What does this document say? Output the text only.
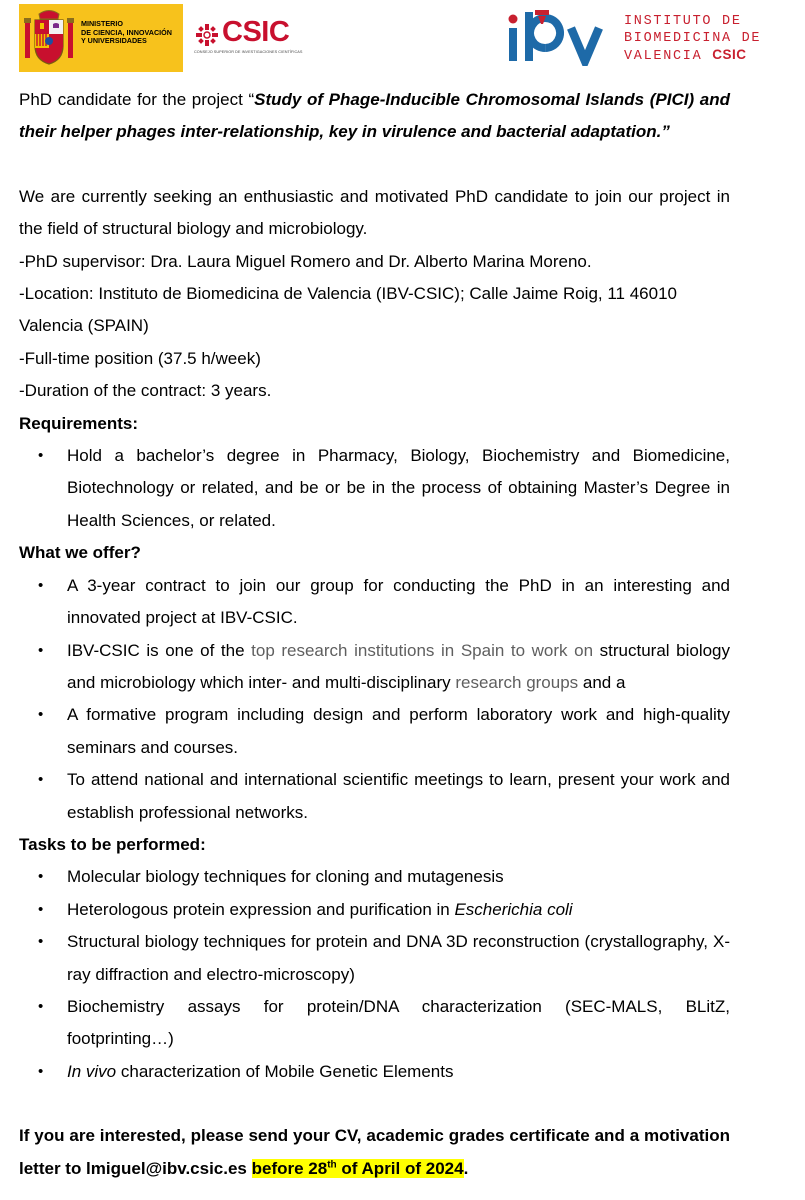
MINISTERIO
DE CIENCIA, INNOVACIÓN
Y UNIVERSIDADES	CSIC
CONSEJO SUPERIOR DE INVESTIGACIONES CIENTÍFICAS
INSTITUTO DE
BIOMEDICINA DE
VALENCIA CSIC

PhD candidate for the project “Study of Phage-Inducible Chromosomal Islands (PICI) and their helper phages inter-relationship, key in virulence and bacterial adaptation.”

We are currently seeking an enthusiastic and motivated PhD candidate to join our project in the field of structural biology and microbiology.

-PhD supervisor: Dra. Laura Miguel Romero and Dr. Alberto Marina Moreno.

-Location: Instituto de Biomedicina de Valencia (IBV-CSIC); Calle Jaime Roig, 11 46010 Valencia (SPAIN)

-Full-time position (37.5 h/week)

-Duration of the contract: 3 years.

Requirements:

• Hold a bachelor’s degree in Pharmacy, Biology, Biochemistry and Biomedicine, Biotechnology or related, and be or be in the process of obtaining Master’s Degree in Health Sciences, or related.

What we offer?

• A 3-year contract to join our group for conducting the PhD in an interesting and innovated project at IBV-CSIC.
• IBV-CSIC is one of the top research institutions in Spain to work on structural biology and microbiology which inter- and multi-disciplinary research groups and a
• A formative program including design and perform laboratory work and high-quality seminars and courses.
• To attend national and international scientific meetings to learn, present your work and establish professional networks.

Tasks to be performed:

• Molecular biology techniques for cloning and mutagenesis
• Heterologous protein expression and purification in Escherichia coli
• Structural biology techniques for protein and DNA 3D reconstruction (crystallography, X-ray diffraction and electro-microscopy)
• Biochemistry assays for protein/DNA characterization (SEC-MALS, BLitZ, footprinting…)
• In vivo characterization of Mobile Genetic Elements

If you are interested, please send your CV, academic grades certificate and a motivation letter to lmiguel@ibv.csic.es before 28th of April of 2024.
